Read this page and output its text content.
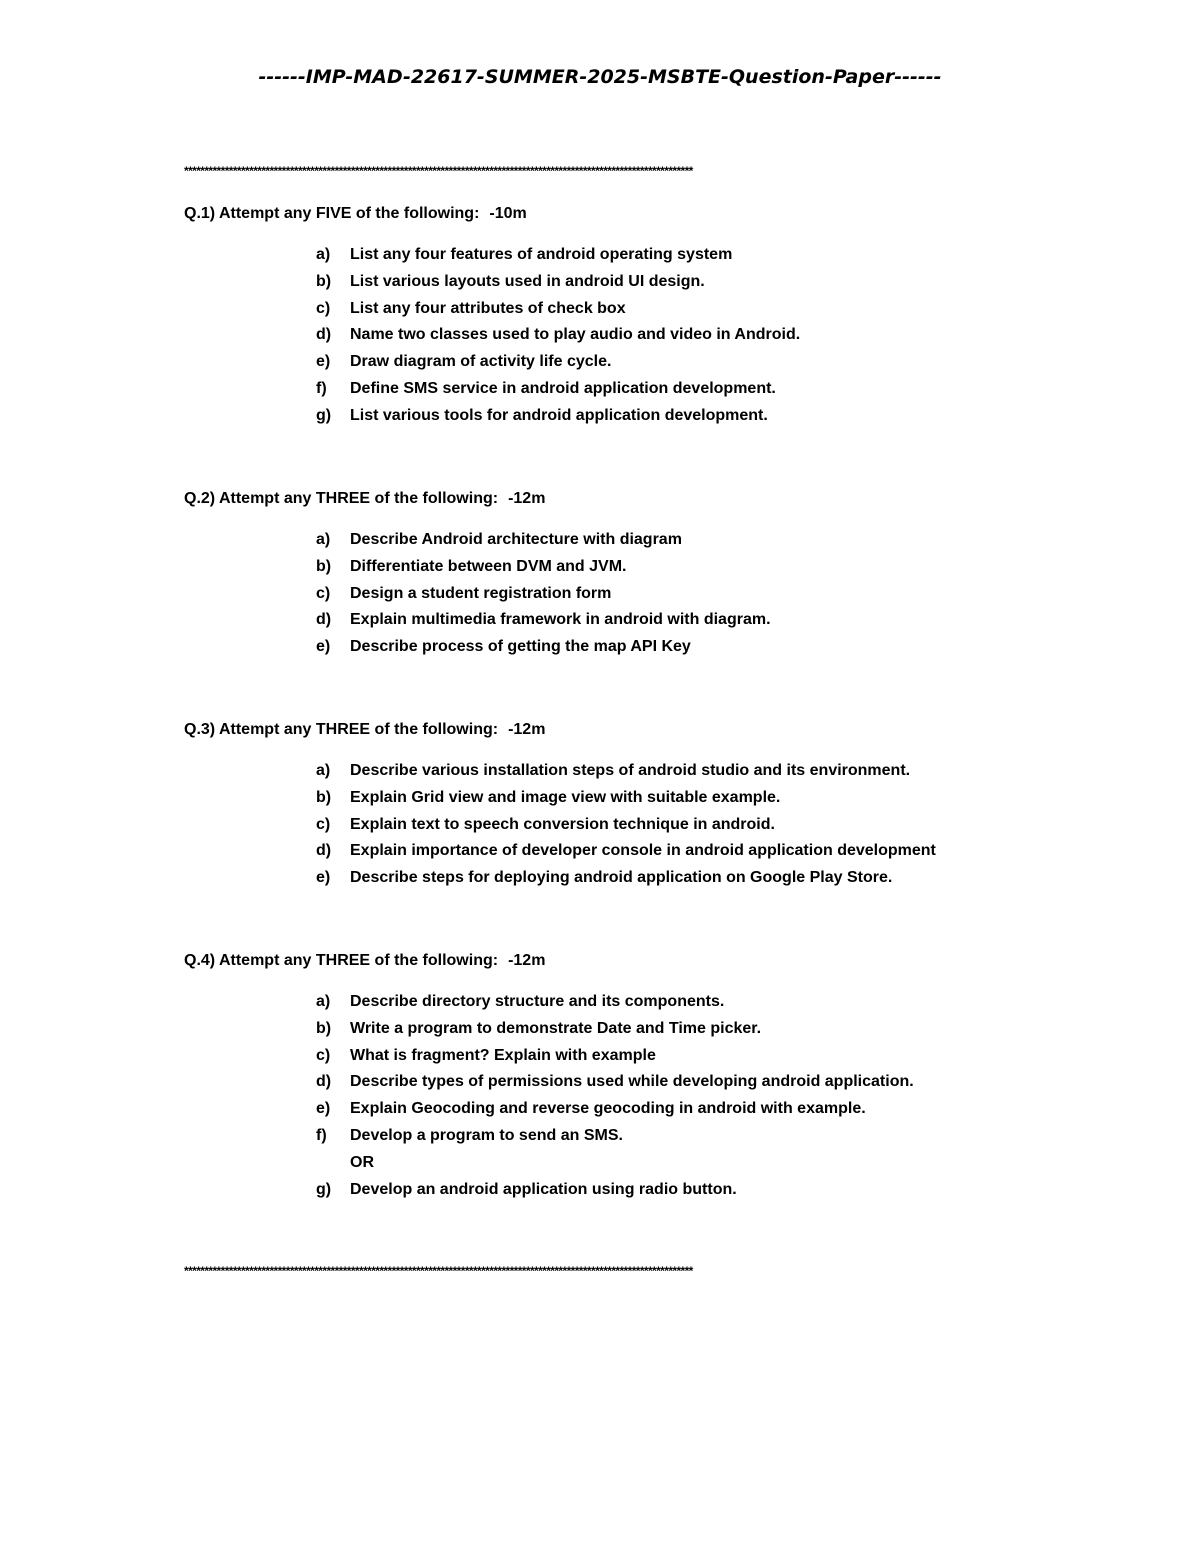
------IMP-MAD-22617-SUMMER-2025-MSBTE-Question-Paper------
*****************************************************************************************************************************
Q.1) Attempt any FIVE of the following: -10m
a) List any four features of android operating system
b) List various layouts used in android UI design.
c) List any four attributes of check box
d) Name two classes used to play audio and video in Android.
e) Draw diagram of activity life cycle.
f) Define SMS service in android application development.
g) List various tools for android application development.
Q.2) Attempt any THREE of the following: -12m
a) Describe Android architecture with diagram
b) Differentiate between DVM and JVM.
c) Design a student registration form
d) Explain multimedia framework in android with diagram.
e) Describe process of getting the map API Key
Q.3) Attempt any THREE of the following: -12m
a) Describe various installation steps of android studio and its environment.
b) Explain Grid view and image view with suitable example.
c) Explain text to speech conversion technique in android.
d) Explain importance of developer console in android application development
e) Describe steps for deploying android application on Google Play Store.
Q.4) Attempt any THREE of the following: -12m
a) Describe directory structure and its components.
b) Write a program to demonstrate Date and Time picker.
c) What is fragment? Explain with example
d) Describe types of permissions used while developing android application.
e) Explain Geocoding and reverse geocoding in android with example.
f) Develop a program to send an SMS.
OR
g) Develop an android application using radio button.
*****************************************************************************************************************************
